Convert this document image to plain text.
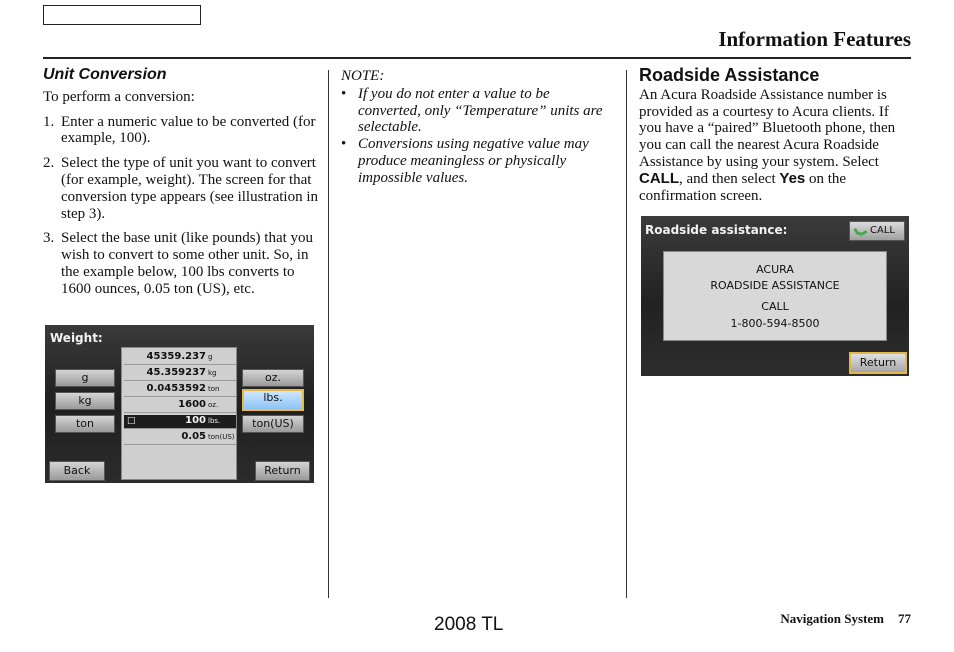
Information Features
Unit Conversion
To perform a conversion:
1. Enter a numeric value to be converted (for example, 100).
2. Select the type of unit you want to convert (for example, weight). The screen for that conversion type appears (see illustration in step 3).
3. Select the base unit (like pounds) that you wish to convert to some other unit. So, in the example below, 100 lbs converts to 1600 ounces, 0.05 ton (US), etc.
Weight:
g
kg
ton
45359.237 g
45.359237 kg
0.0453592 ton
1600 oz.
□	100 lbs.
0.05 ton(US)
oz.
lbs.
ton(US)
Back	Return
NOTE:
• If you do not enter a value to be converted, only “Temperature” units are selectable.
• Conversions using negative value may produce meaningless or physically impossible values.
Roadside Assistance
An Acura Roadside Assistance number is provided as a courtesy to Acura clients. If you have a “paired” Bluetooth phone, then you can call the nearest Acura Roadside Assistance by using your system. Select CALL, and then select Yes on the confirmation screen.
Roadside assistance:	CALL
ACURA
ROADSIDE ASSISTANCE
CALL
1-800-594-8500
Return
2008 TL	Navigation System 77
